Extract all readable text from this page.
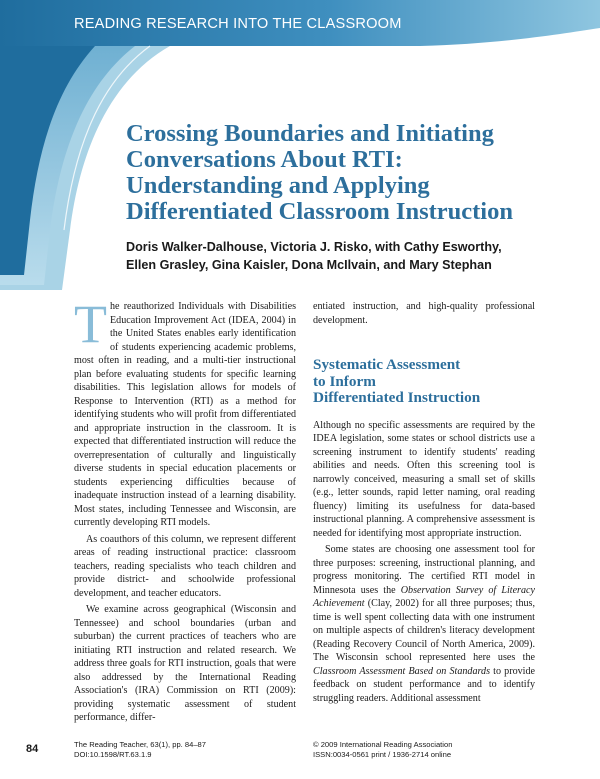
READING RESEARCH INTO THE CLASSROOM
Crossing Boundaries and Initiating
Conversations About RTI:
Understanding and Applying
Differentiated Classroom Instruction
Doris Walker-Dalhouse, Victoria J. Risko, with Cathy Esworthy,
Ellen Grasley, Gina Kaisler, Dona McIlvain, and Mary Stephan

The reauthorized Individuals with Disabilities Education Improvement Act (IDEA, 2004) in the United States enables early identification of students experiencing academic problems, most often in reading, and a multi-tier instructional plan before evaluating students for specific learning disabilities. This legislation allows for models of Response to Intervention (RTI) as a method for identifying students who will profit from differentiated and appropriate instruction in the classroom. It is expected that differentiated instruction will reduce the overrepresentation of culturally and linguistically diverse students in special education placements or students experiencing difficulties because of inadequate instruction instead of a learning disability. Most states, including Tennessee and Wisconsin, are currently developing RTI models.

As coauthors of this column, we represent different areas of reading instructional practice: classroom teachers, reading specialists who teach children and provide district- and schoolwide professional development, and teacher educators.

We examine across geographical (Wisconsin and Tennessee) and school boundaries (urban and suburban) the current practices of teachers who are initiating RTI instruction and related research. We address three goals for RTI instruction, goals that were also addressed by the International Reading Association's (IRA) Commission on RTI (2009): providing systematic assessment of student performance, differ-

entiated instruction, and high-quality professional development.

Systematic Assessment
to Inform
Differentiated Instruction

Although no specific assessments are required by the IDEA legislation, some states or school districts use a screening instrument to identify students' reading abilities and needs. Often this screening tool is narrowly conceived, measuring a small set of skills (e.g., letter sounds, rapid letter naming, oral reading fluency) limiting its usefulness for data-based instructional planning. A comprehensive assessment is needed for identifying most appropriate instruction.

Some states are choosing one assessment tool for three purposes: screening, instructional planning, and progress monitoring. The certified RTI model in Minnesota uses the Observation Survey of Literacy Achievement (Clay, 2002) for all three purposes; thus, time is well spent collecting data with one instrument on multiple aspects of children's literacy development (Reading Recovery Council of North America, 2009). The Wisconsin school represented here uses the Classroom Assessment Based on Standards to provide feedback on student performance and to identify struggling readers. Additional assessment

84	The Reading Teacher, 63(1), pp. 84–87
DOI:10.1598/RT.63.1.9
© 2009 International Reading Association
ISSN:0034-0561 print / 1936-2714 online
